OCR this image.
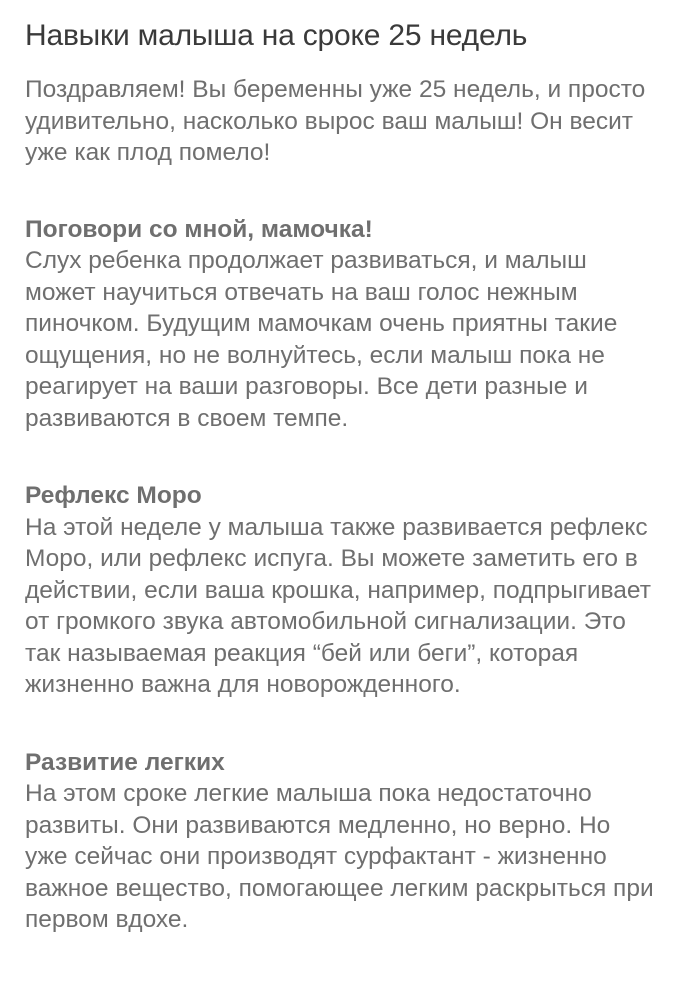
Навыки малыша на сроке 25 недель

Поздравляем! Вы беременны уже 25 недель, и просто удивительно, насколько вырос ваш малыш! Он весит уже как плод помело!

Поговори со мной, мамочка!

Слух ребенка продолжает развиваться, и малыш может научиться отвечать на ваш голос нежным пиночком. Будущим мамочкам очень приятны такие ощущения, но не волнуйтесь, если малыш пока не реагирует на ваши разговоры. Все дети разные и развиваются в своем темпе.

Рефлекс Моро

На этой неделе у малыша также развивается рефлекс Моро, или рефлекс испуга. Вы можете заметить его в действии, если ваша крошка, например, подпрыгивает от громкого звука автомобильной сигнализации. Это так называемая реакция “бей или беги”, которая жизненно важна для новорожденного.

Развитие легких

На этом сроке легкие малыша пока недостаточно развиты. Они развиваются медленно, но верно. Но уже сейчас они производят сурфактант - жизненно важное вещество, помогающее легким раскрыться при первом вдохе.
